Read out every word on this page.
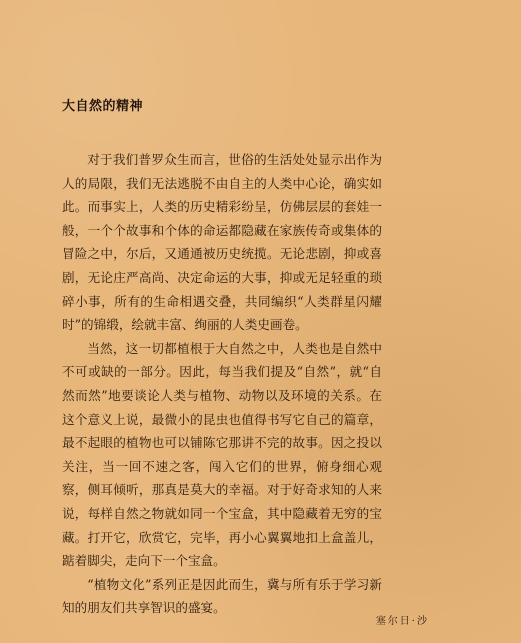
大自然的精神

对于我们普罗众生而言，世俗的生活处处显示出作为人的局限，我们无法逃脱不由自主的人类中心论，确实如此。而事实上，人类的历史精彩纷呈，仿佛层层的套娃一般，一个个故事和个体的命运都隐藏在家族传奇或集体的冒险之中，尔后，又通通被历史统揽。无论悲剧，抑或喜剧，无论庄严高尚、决定命运的大事，抑或无足轻重的琐碎小事，所有的生命相遇交叠，共同编织“人类群星闪耀时”的锦缎，绘就丰富、绚丽的人类史画卷。

当然，这一切都植根于大自然之中，人类也是自然中不可或缺的一部分。因此，每当我们提及“自然”，就“自然而然”地要谈论人类与植物、动物以及环境的关系。在这个意义上说，最微小的昆虫也值得书写它自己的篇章，最不起眼的植物也可以铺陈它那讲不完的故事。因之投以关注，当一回不速之客，闯入它们的世界，俯身细心观察，侧耳倾听，那真是莫大的幸福。对于好奇求知的人来说，每样自然之物就如同一个宝盒，其中隐藏着无穷的宝藏。打开它，欣赏它，完毕，再小心翼翼地扣上盒盖儿，踮着脚尖，走向下一个宝盒。

“植物文化”系列正是因此而生，冀与所有乐于学习新知的朋友们共享智识的盛宴。

塞尔日·沙
